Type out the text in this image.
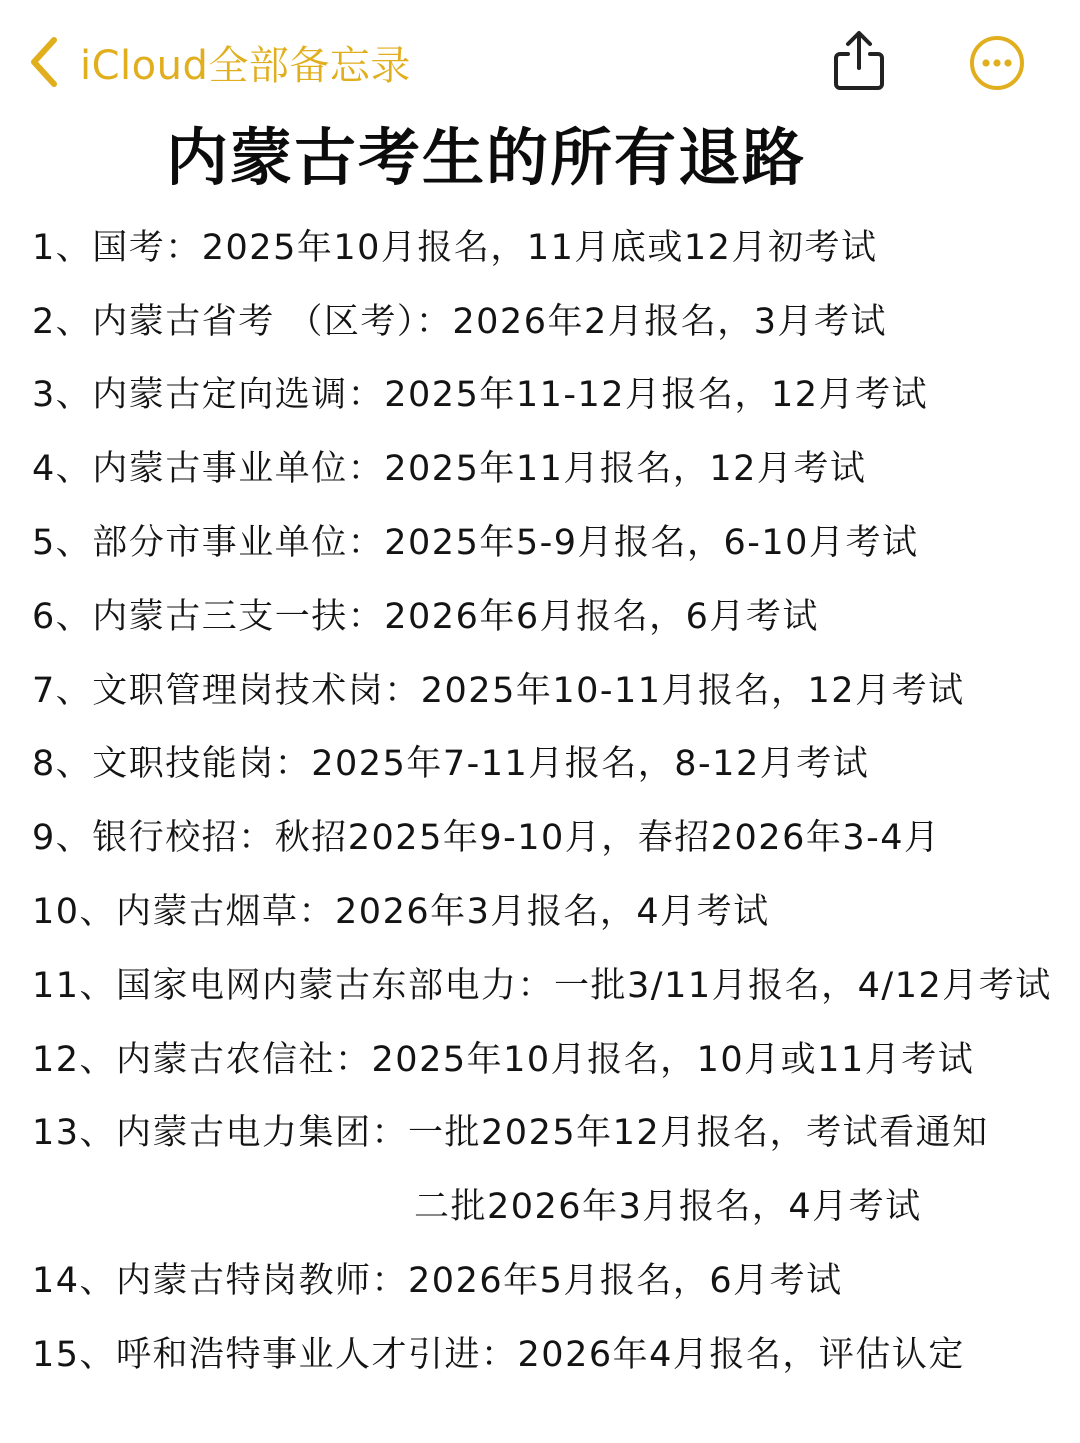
iCloud全部备忘录
内蒙古考生的所有退路
1、国考：2025年10月报名，11月底或12月初考试
2、内蒙古省考 （区考）：2026年2月报名，3月考试
3、内蒙古定向选调：2025年11-12月报名，12月考试
4、内蒙古事业单位：2025年11月报名，12月考试
5、部分市事业单位：2025年5-9月报名，6-10月考试
6、内蒙古三支一扶：2026年6月报名，6月考试
7、文职管理岗技术岗：2025年10-11月报名，12月考试
8、文职技能岗：2025年7-11月报名，8-12月考试
9、银行校招：秋招2025年9-10月，春招2026年3-4月
10、内蒙古烟草：2026年3月报名，4月考试
11、国家电网内蒙古东部电力：一批3/11月报名，4/12月考试
12、内蒙古农信社：2025年10月报名，10月或11月考试
13、内蒙古电力集团：一批2025年12月报名，考试看通知
二批2026年3月报名，4月考试
14、内蒙古特岗教师：2026年5月报名，6月考试
15、呼和浩特事业人才引进：2026年4月报名，评估认定
